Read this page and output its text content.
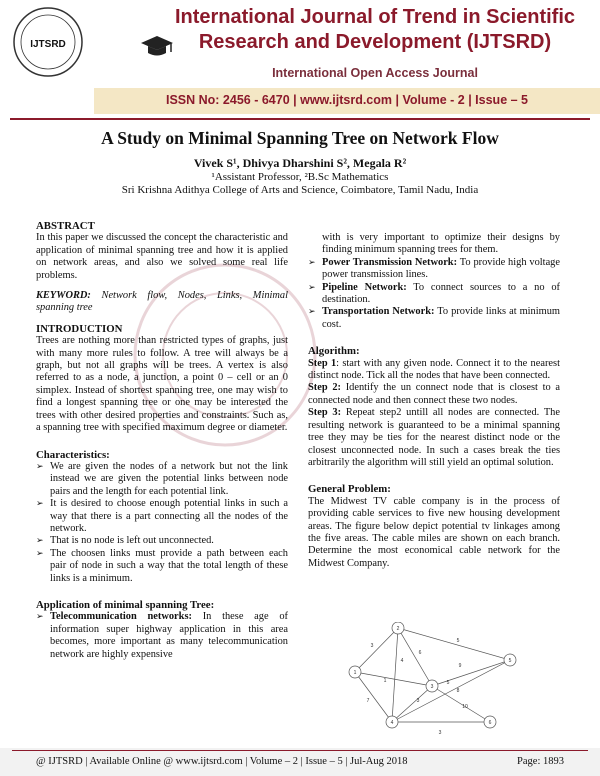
IJTSRD
International Journal of Trend in Scientific
Research and Development (IJTSRD)
International Open Access Journal
ISSN No: 2456 - 6470 | www.ijtsrd.com | Volume - 2 | Issue – 5
A Study on Minimal Spanning Tree on Network Flow
Vivek S¹, Dhivya Dharshini S², Megala R²
¹Assistant Professor, ²B.Sc Mathematics
Sri Krishna Adithya College of Arts and Science, Coimbatore, Tamil Nadu, India

ABSTRACT

In this paper we discussed the concept the characteristic and application of minimal spanning tree and how it is applied on network areas, and also we solved some real life problems.

KEYWORD: Network flow, Nodes, Links, Minimal spanning tree

INTRODUCTION

Trees are nothing more than restricted types of graphs, just with many more rules to follow. A tree will always be a graph, but not all graphs will be trees. A vertex is also referred to as a node, a junction, a point 0 – cell or an 0 simplex. Instead of shortest spanning tree, one may wish to find a longest spanning tree or one may be interested the trees with other desired properties and constraints. Such as, a spanning tree with specified maximum degree or diameter.

Characteristics:

➢ We are given the nodes of a network but not the link instead we are given the potential links between node pairs and the length for each potential link.
➢ It is desired to choose enough potential links in such a way that there is a part connecting all the nodes of the network.
➢ That is no node is left out unconnected.
➢ The choosen links must provide a path between each pair of node in such a way that the total length of these links is a minimum.

Application of minimal spanning Tree:

➢ Telecommunication networks: In these age of information super highway application in this area becomes, more important as many telecommunication network are highly expensive

with is very important to optimize their designs by finding minimum spanning trees for them.

➢ Power Transmission Network: To provide high voltage power transmission lines.
➢ Pipeline Network: To connect sources to a no of destination.
➢ Transportation Network: To provide links at minimum cost.

Algorithm:

Step 1: start with any given node. Connect it to the nearest distinct node. Tick all the nodes that have been connected.

Step 2: Identify the un connect node that is closest to a connected node and then connect these two nodes.

Step 3: Repeat step2 untill all nodes are connected. The resulting network is guaranteed to be a minimal spanning tree they may be ties for the nearest distinct node or the closest unconnected node. In such a cases break the ties arbitrarily the algorithm will still yield an optimal solution.

General Problem:

The Midwest TV cable company is in the process of providing cable services to five new housing development areas. The figure below depict potential tv linkages among the five areas. The cable miles are shown on each branch. Determine the most economical cable network for the Midwest Company.

1
2
3
4
5
6
3
1
4
6
9
10
5
8
7
3
3
5
@ IJTSRD | Available Online @ www.ijtsrd.com | Volume – 2 | Issue – 5 | Jul-Aug 2018	Page: 1893
